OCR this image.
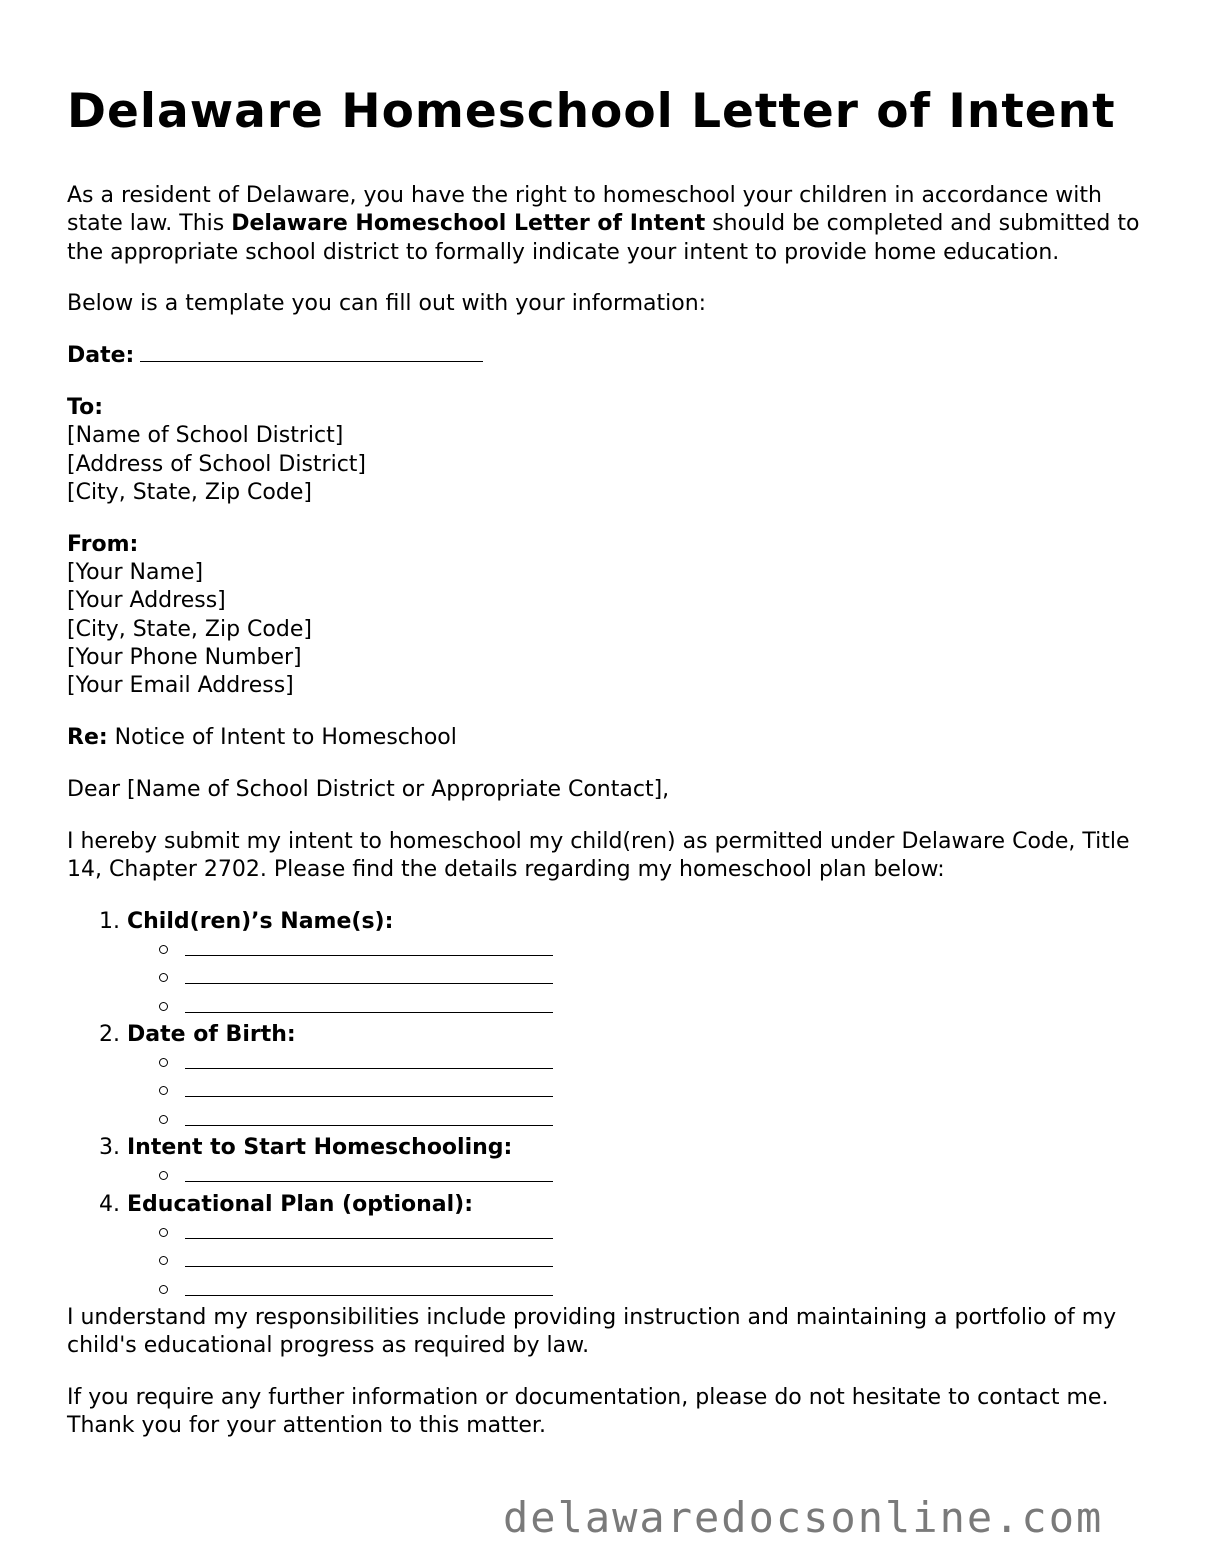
Delaware Homeschool Letter of Intent

As a resident of Delaware, you have the right to homeschool your children in accordance with state law. This Delaware Homeschool Letter of Intent should be completed and submitted to the appropriate school district to formally indicate your intent to provide home education.

Below is a template you can fill out with your information:

Date:

To:
[Name of School District]
[Address of School District]
[City, State, Zip Code]

From:
[Your Name]
[Your Address]
[City, State, Zip Code]
[Your Phone Number]
[Your Email Address]

Re: Notice of Intent to Homeschool

Dear [Name of School District or Appropriate Contact],

I hereby submit my intent to homeschool my child(ren) as permitted under Delaware Code, Title 14, Chapter 2702. Please find the details regarding my homeschool plan below:

1. Child(ren)’s Name(s):
2. Date of Birth:
3. Intent to Start Homeschooling:
4. Educational Plan (optional):

I understand my responsibilities include providing instruction and maintaining a portfolio of my child's educational progress as required by law.

If you require any further information or documentation, please do not hesitate to contact me. Thank you for your attention to this matter.

delawaredocsonline.com
